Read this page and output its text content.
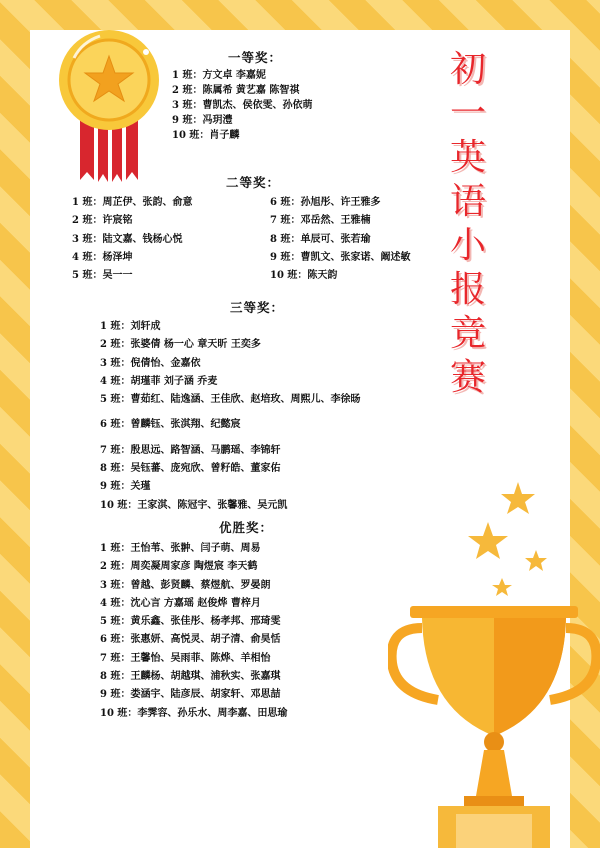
初
一
英
语
小
报
竞
赛
一等奖：
1 班：方文卓 李嘉妮
2 班：陈属希 黄艺嘉 陈智祺
3 班：曹凯杰、侯依雯、孙依萌
9 班：冯玥澧
10 班：肖子麟
二等奖：
1 班：周芷伊、张韵、俞意
2 班：许宸铭
3 班：陆文嘉、钱杨心悦
4 班：杨泽坤
5 班：吴一一
6 班：孙旭彤、许王雅多
7 班：邓岳然、王雅楠
8 班：单辰可、张若瑜
9 班：曹凯文、张家诺、阚述敏
10 班：陈天韵
三等奖：
1 班：刘轩成
2 班：张婆倩 杨一心 章天昕 王奕多
3 班：倪倩怡、金嘉依
4 班：胡瑾菲 刘子涵 乔麦
5 班：曹茹红、陆逸涵、王佳欣、赵培玫、周熙儿、李徐旸
6 班：曾麟钰、张淇翔、纪懿宸
7 班：殷思远、路智涵、马鹏瑶、李锦轩
8 班：吴钰蕃、庞宛欣、曾籽皓、董家佑
9 班：关瑾
10 班：王家淇、陈冠宇、张馨雅、吴元凯
优胜奖：
1 班：王怡苇、张翀、闫子萌、周易
2 班：周奕凝周家彦 陶煜宸 李天鹤
3 班：曾越、彭贤麟、蔡煜航、罗晏朗
4 班：沈心言 方嘉瑶 赵俊烨 曹梓月
5 班：黄乐鑫、张佳彤、杨孝邦、邢琦雯
6 班：张惠妍、高悦灵、胡子清、俞昊恬
7 班：王馨怡、吴雨菲、陈烨、羊相怡
8 班：王麟杨、胡越琪、浦秋实、张嘉琪
9 班：娄涵宇、陆彦辰、胡家轩、邓思喆
10 班：李霁容、孙乐水、周李嘉、田思瑜
